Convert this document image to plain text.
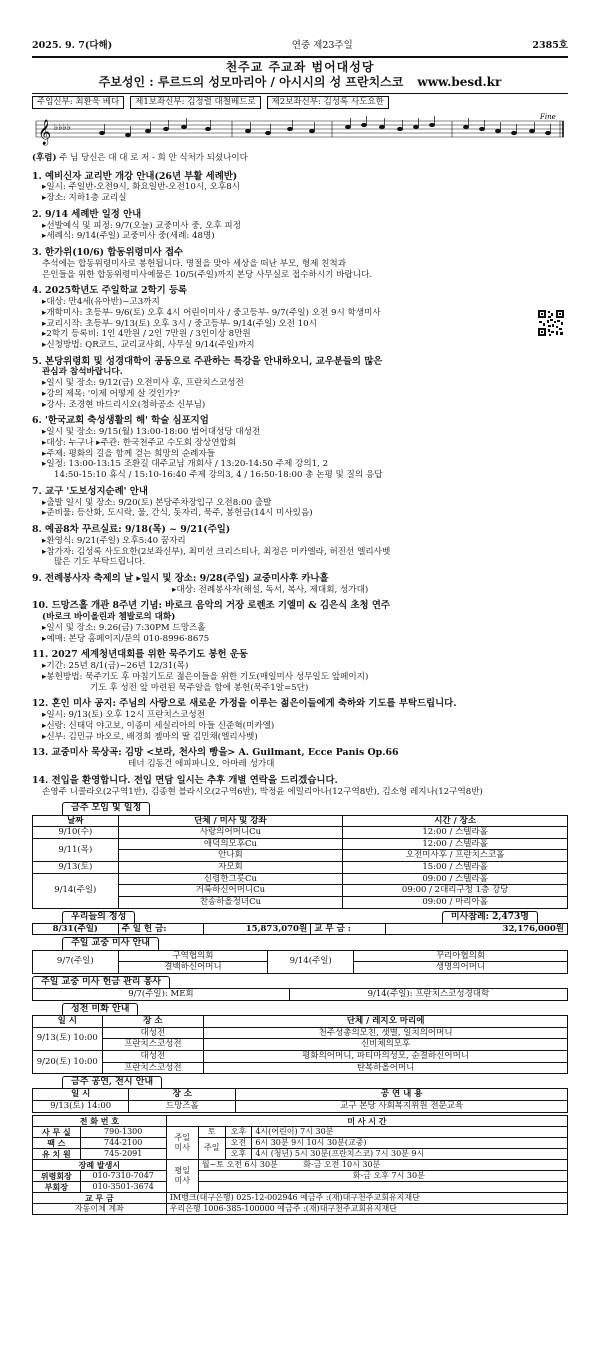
2025. 9. 7(다해)	연중 제23주일	2385호
천주교 주교좌 범어대성당
주보성인 : 루르드의 성모마리아 / 아시시의 성 프란치스코 www.besd.kr
주임신부: 최환욱 베다	제1보좌신부: 김정렬 대철베드로	제2보좌신부: 김성록 사도요한
𝄞 ♭♭♭♭
Fine
(후렴) 주 님 당신은 대 대 로 저 - 희 안 식처가 되셨나이다
1. 예비신자 교리반 개강 안내(26년 부활 세례반)
▸일시: 주일반-오전9시, 화요일반-오전10시, 오후8시
▸장소: 지하1층 교리실
2. 9/14 세례반 일정 안내
▸선발예식 및 피정: 9/7(오늘) 교중미사 중, 오후 피정
▸세례식: 9/14(주일) 교중미사 중(세례: 48명)
3. 한가위(10/6) 합동위령미사 접수
추석에는 합동위령미사로 봉헌됩니다. 명절을 맞아 세상을 떠난 부모, 형제 친척과
은인들을 위한 합동위령미사예물은 10/5(주일)까지 본당 사무실로 접수하시기 바랍니다.
4. 2025학년도 주일학교 2학기 등록
▸대상: 만4세(유아반)~고3까지
▸개학미사: 초등부- 9/6(토) 오후 4시 어린이미사 / 중고등부- 9/7(주일) 오전 9시 학생미사
▸교리시작: 초등부- 9/13(토) 오후 3시 / 중고등부- 9/14(주일) 오전 10시
▸2학기 등록비: 1인 4만원 / 2인 7만원 / 3인이상 8만원
▸신청방법: QR코드, 교리교사회, 사무실 9/14(주일)까지
5. 본당위령회 및 성경대학이 공동으로 주관하는 특강을 안내하오니, 교우분들의 많은
관심과 참석바랍니다.
▸일시 및 장소: 9/12(금) 오전미사 후, 프란치스코성전
▸강의 제목: '이제 어떻게 살 것인가?'
▸강사: 조경현 바드리시오(청하공소 신부님)
6. '한국교회 축성생활의 해' 학술 심포지엄
▸일시 및 장소: 9/15(월) 13:00-18:00 범어대성당 대성전
▸대상: 누구나 ▸주관: 한국천주교 수도회 장상연합회
▸주제: 평화의 길을 함께 걷는 희망의 순례자들
▸일정: 13:00-13:15 조환길 대주교님 개회사 / 13:20-14:50 주제 강의1, 2
14:50-15:10 휴식 / 15:10-16:40 주제 강의3, 4 / 16:50-18:00 총 논평 및 질의 응답
7. 교구 '도보성지순례' 안내
▸출발 일시 및 장소: 9/20(토) 본당주차장입구 오전8:00 출발
▸준비물: 등산화, 도시락, 물, 간식, 돗자리, 묵주, 봉헌금(14시 미사있음)
8. 예곰8차 꾸르실료: 9/18(목) ~ 9/21(주일)
▸환영식: 9/21(주일) 오후5:40 꿈자리
▸참가자: 김성록 사도요한(2보좌신부), 최미선 크리스티나, 최정은 미카엘라, 허진선 엘리사벳
많은 기도 부탁드립니다.
9. 전례봉사자 축제의 날 ▸일시 및 장소: 9/28(주일) 교중미사후 카나홀
▸대상: 전례봉사자(해설, 독서, 복사, 제대회, 성가대)
10. 드망즈홀 개관 8주년 기념: 바로크 음악의 거장 로렌조 기엘미 & 김은식 초청 연주
(바로크 바이올린과 쳄발로의 대화)
▸일시 및 장소: 9.26(금) 7:30PM 드망즈홀
▸예매: 본당 홈페이지/문의 010-8996-8675
11. 2027 세계청년대회를 위한 묵주기도 봉헌 운동
▸기간: 25년 8/1(금)~26년 12/31(목)
▸봉헌방법: 묵주기도 후 마침기도로 젊은이들을 위한 기도(매일미사 성무일도 앞페이지)
기도 후 성전 앞 마련된 묵주알을 함에 봉헌(묵주1알=5단)
12. 혼인 미사 공지: 주님의 사랑으로 새로운 가정을 이루는 젊은이들에게 축하와 기도를 부탁드립니다.
▸일시: 9/13(토) 오후 12시 프란치스코성전
▸신랑: 신태덕 야고보, 이종미 세실리아의 아들 신준혁(미카엘)
▸신부: 김민규 바오로, 배경희 젬마의 딸 김민채(엘리사벳)
13. 교중미사 묵상곡: 김망 <보라, 천사의 빵을> A. Guilmant, Ecce Panis Op.66
테너 김동건 에피파니오, 아마레 성가대
14. 전입을 환영합니다. 전입 면담 일시는 추후 개별 연락을 드리겠습니다.
손영주 니콜라오(2구역1반), 김종현 블라시오(2구역6반), 박정윤 에밀리아나(12구역8반), 김소형 레지나(12구역8반)
금주 모임 및 일정
날짜	단체 / 미사 및 강좌	시간 / 장소
9/10(수)	사랑의어머니Cu	12:00 / 스텔라홀
9/11(목)	애덕의모후Cu	12:00 / 스텔라홀
	안나회	오전미사후 / 프란치스코홀
9/13(토)	자모회	15:00 / 스텔라홀
9/14(주일)	신령한그릇Cu	09:00 / 스텔라홀
	거룩하신어머니Cu	09:00 / 2대리구청 1층 강당
	찬송하올정녀Cu	09:00 / 마리아홀
우리들의 정성	미사참례: 2,473명
8/31(주일)	주 일 헌 금:	15,873,070원	교 무 금 :	32,176,000원
주일 교중 미사 안내
9/7(주일)	구역협의회	9/14(주일)	꾸리아협의회
	결백하신어머니		생명의어머니
주일 교중 미사 헌금 관리 봉사
9/7(주일): ME회	9/14(주일): 프란치스코성경대학
성전 미화 안내
일 시	장 소	단체 / 레지오 마리에
9/13(토) 10:00	대성전	천주성총의모친, 샛별, 일치의어머니
	프란치스코성전	신비체의모후
9/20(토) 10:00	대성전	평화의어머니, 파티마의성모, 순결하신어머니
	프란치스코성전	탄복하올어머니
금주 공연, 전시 안내
일 시	장 소	공 연 내 용
9/13(토) 14:00	드망즈홀	교구 본당 사회복지위원 전문교육
전 화 번 호		미 사 시 간			
사 무 실	790-1300	주일
미사	토	오후	4시(어린이) 7시 30분
팩 스	744-2100		주일	오전	6시 30분 9시 10시 30분(교중)
유 치 원	745-2091			오후	4시 (청년) 5시 30분(프란치스코) 7시 30분 9시
장례 발생시		평일 미사	월~토 오전 6시 30분          화-금 오전 10시 30분		
위령회장	010-7310-7047		화-금 오후 7시 30분		
부회장	010-3501-3674				
교 무 금		IM뱅크(대구은행) 025-12-002946 예금주 :(재)대구천주교회유지재단			
자동이체 계좌		우리은행 1006-385-100000 예금주 :(재)대구천주교회유지재단			
